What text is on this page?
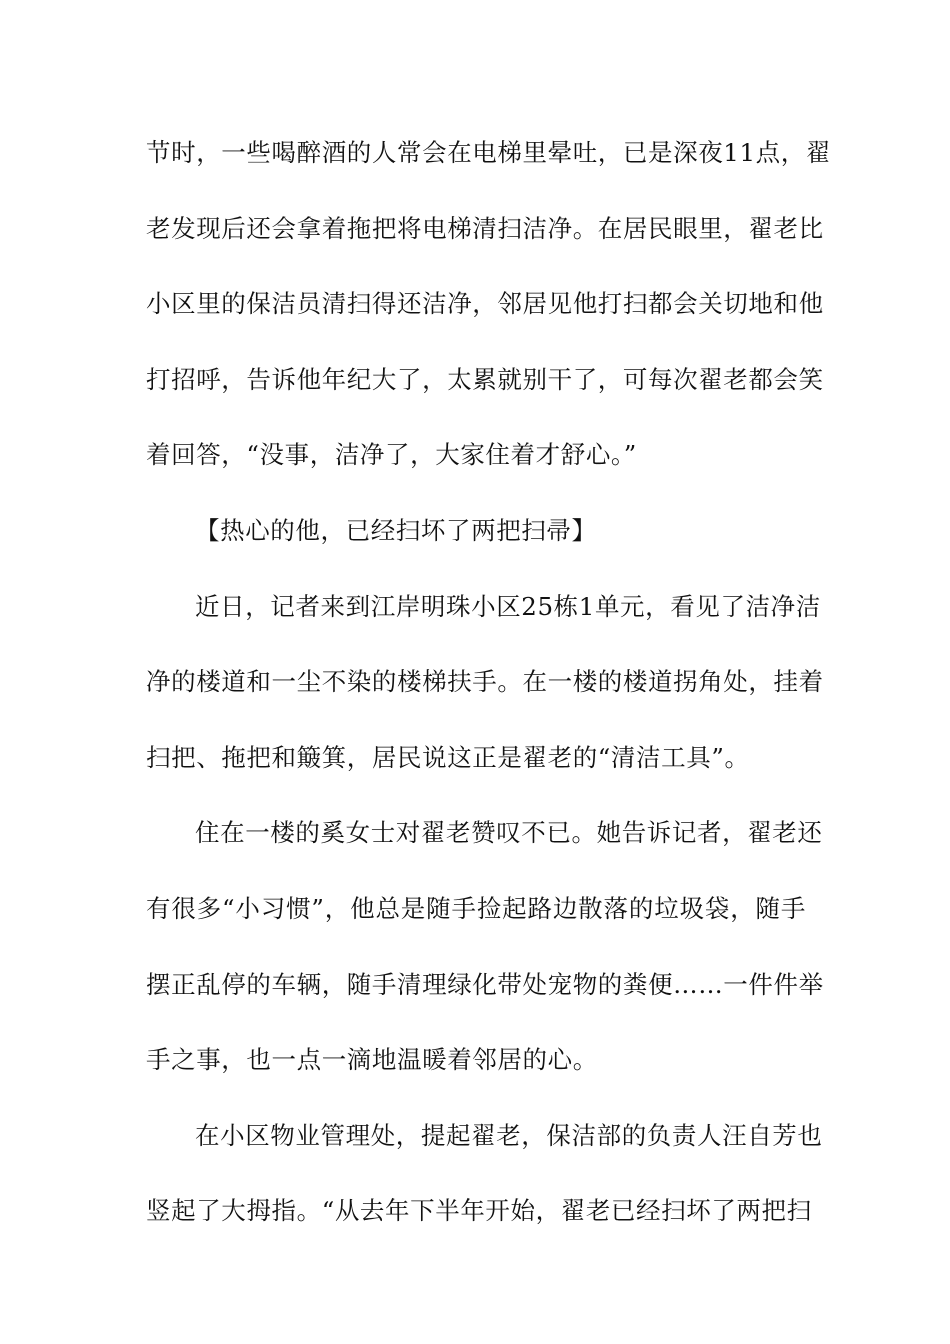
节时，一些喝醉酒的人常会在电梯里晕吐，已是深夜11点，翟
老发现后还会拿着拖把将电梯清扫洁净。在居民眼里，翟老比
小区里的保洁员清扫得还洁净，邻居见他打扫都会关切地和他
打招呼，告诉他年纪大了，太累就别干了，可每次翟老都会笑
着回答，“没事，洁净了，大家住着才舒心。”
【热心的他，已经扫坏了两把扫帚】
近日，记者来到江岸明珠小区25栋1单元，看见了洁净洁
净的楼道和一尘不染的楼梯扶手。在一楼的楼道拐角处，挂着
扫把、拖把和簸箕，居民说这正是翟老的“清洁工具”。
住在一楼的奚女士对翟老赞叹不已。她告诉记者，翟老还
有很多“小习惯”，他总是随手捡起路边散落的垃圾袋，随手
摆正乱停的车辆，随手清理绿化带处宠物的粪便……一件件举
手之事，也一点一滴地温暖着邻居的心。
在小区物业管理处，提起翟老，保洁部的负责人汪自芳也
竖起了大拇指。“从去年下半年开始，翟老已经扫坏了两把扫
